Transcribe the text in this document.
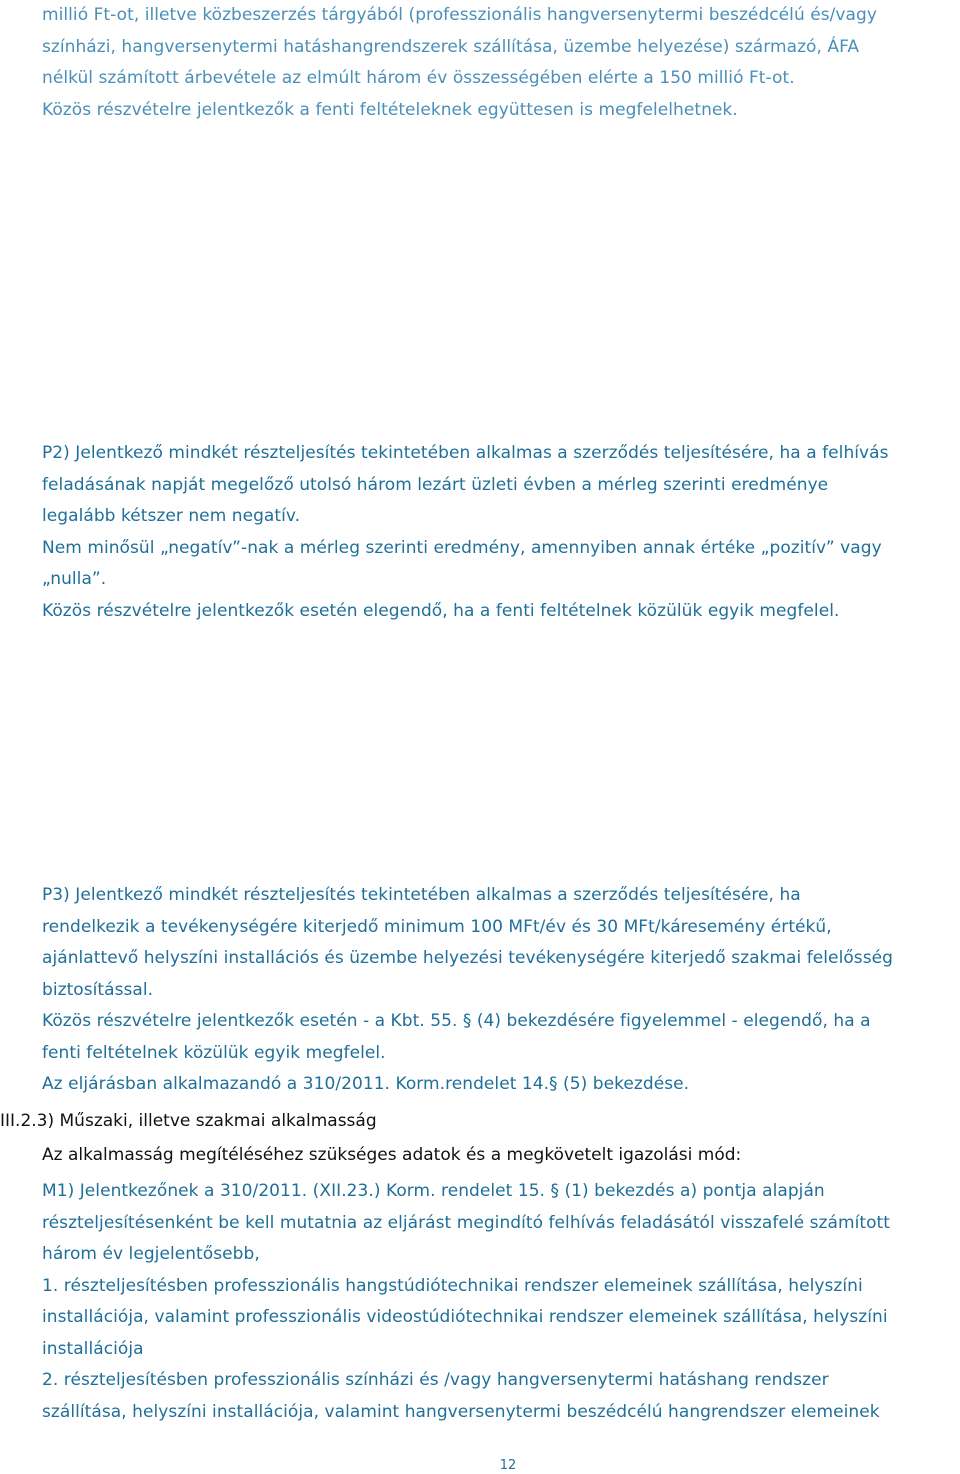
millió Ft-ot, illetve közbeszerzés tárgyából (professzionális hangversenytermi beszédcélú és/vagy
színházi, hangversenytermi hatáshangrendszerek szállítása, üzembe helyezése) származó, ÁFA
nélkül számított árbevétele az elmúlt három év összességében elérte a 150 millió Ft-ot.
Közös részvételre jelentkezők a fenti feltételeknek együttesen is megfelelhetnek.
P2) Jelentkező mindkét részteljesítés tekintetében alkalmas a szerződés teljesítésére, ha a felhívás
feladásának napját megelőző utolsó három lezárt üzleti évben a mérleg szerinti eredménye
legalább kétszer nem negatív.
Nem minősül „negatív”-nak a mérleg szerinti eredmény, amennyiben annak értéke „pozitív” vagy
„nulla”.
Közös részvételre jelentkezők esetén elegendő, ha a fenti feltételnek közülük egyik megfelel.
P3) Jelentkező mindkét részteljesítés tekintetében alkalmas a szerződés teljesítésére, ha
rendelkezik a tevékenységére kiterjedő minimum 100 MFt/év és 30 MFt/káresemény értékű,
ajánlattevő helyszíni installációs és üzembe helyezési tevékenységére kiterjedő szakmai felelősség
biztosítással.
Közös részvételre jelentkezők esetén - a Kbt. 55. § (4) bekezdésére figyelemmel - elegendő, ha a
fenti feltételnek közülük egyik megfelel.
Az eljárásban alkalmazandó a 310/2011. Korm.rendelet 14.§ (5) bekezdése.
III.2.3) Műszaki, illetve szakmai alkalmasság
Az alkalmasság megítéléséhez szükséges adatok és a megkövetelt igazolási mód:
M1) Jelentkezőnek a 310/2011. (XII.23.) Korm. rendelet 15. § (1) bekezdés a) pontja alapján
részteljesítésenként be kell mutatnia az eljárást megindító felhívás feladásától visszafelé számított
három év legjelentősebb,
1. részteljesítésben professzionális hangstúdiótechnikai rendszer elemeinek szállítása, helyszíni
installációja, valamint professzionális videostúdiótechnikai rendszer elemeinek szállítása, helyszíni
installációja
2. részteljesítésben professzionális színházi és /vagy hangversenytermi hatáshang rendszer
szállítása, helyszíni installációja, valamint hangversenytermi beszédcélú hangrendszer elemeinek
12
